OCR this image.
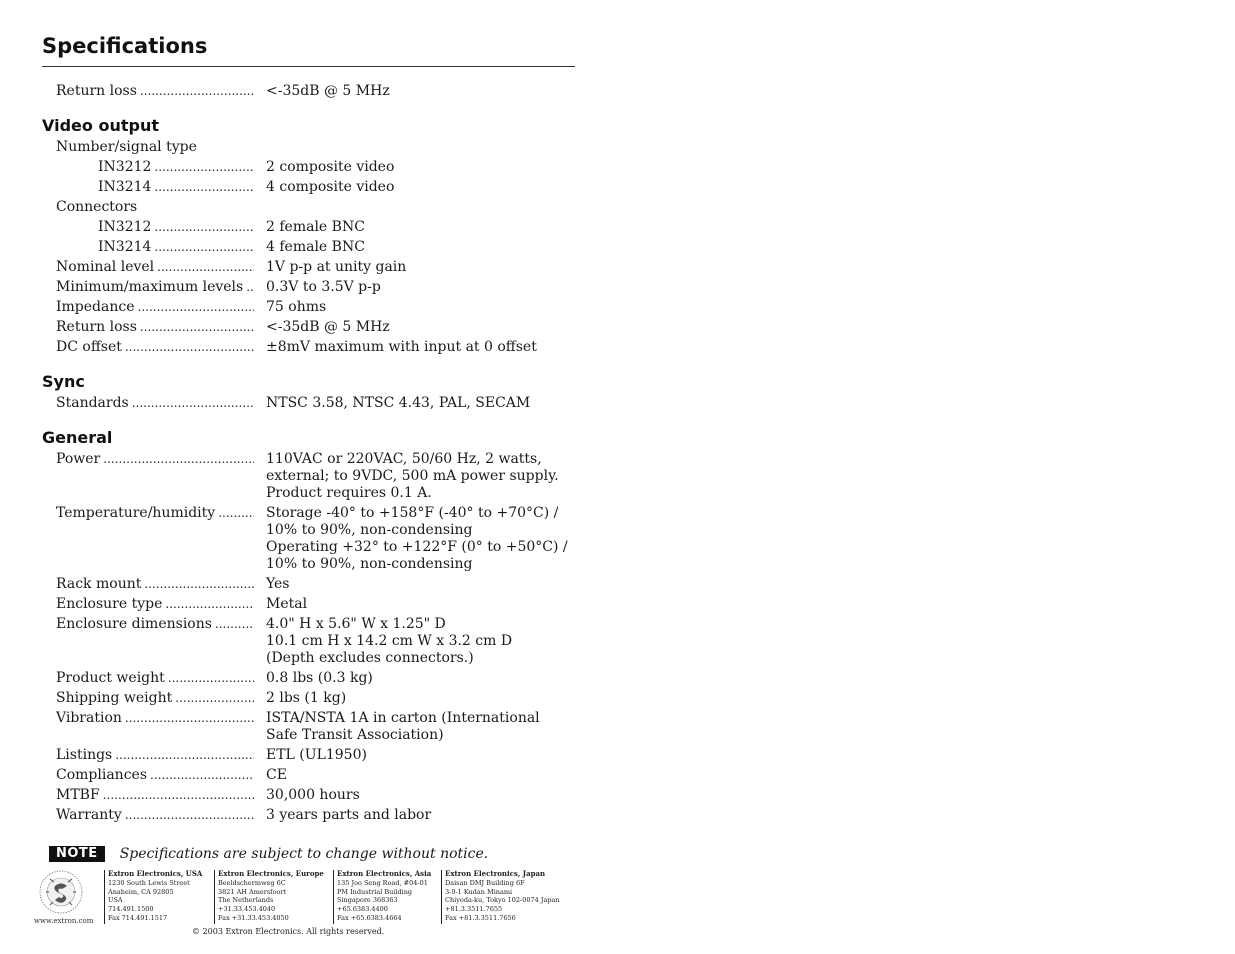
Specifications
Return loss .....	<-35dB @ 5 MHz
Video output
Number/signal type
IN3212 .....	2 composite video
IN3214 .....	4 composite video
Connectors
IN3212 .....	2 female BNC
IN3214 .....	4 female BNC
Nominal level .....	1V p-p at unity gain
Minimum/maximum levels ..... 0.3V to 3.5V p-p
Impedance .....	75 ohms
Return loss .....	<-35dB @ 5 MHz
DC offset .....	±8mV maximum with input at 0 offset
Sync
Standards .....	NTSC 3.58, NTSC 4.43, PAL, SECAM
General
Power .....	110VAC or 220VAC, 50/60 Hz, 2 watts,
external; to 9VDC, 500 mA power supply.
Product requires 0.1 A.
Temperature/humidity .....	Storage -40° to +158°F (-40° to +70°C) /
10% to 90%, non-condensing
Operating +32° to +122°F (0° to +50°C) /
10% to 90%, non-condensing
Rack mount .....	Yes
Enclosure type .....	Metal
Enclosure dimensions .....	4.0" H x 5.6" W x 1.25" D
10.1 cm H x 14.2 cm W x 3.2 cm D
(Depth excludes connectors.)
Product weight .....	0.8 lbs (0.3 kg)
Shipping weight .....	2 lbs (1 kg)
Vibration .....	ISTA/NSTA 1A in carton (International
Safe Transit Association)
Listings .....	ETL (UL1950)
Compliances .....	CE
MTBF .....	30,000 hours
Warranty .....	3 years parts and labor
NOTE	Specifications are subject to change without notice.
www.extron.com
Extron Electronics, USA
1230 South Lewis Street
Anaheim, CA 92805
USA
714.491.1500
Fax 714.491.1517
Extron Electronics, Europe
Beeldschermweg 6C
3821 AH Amersfoort
The Netherlands
+31.33.453.4040
Fax +31.33.453.4050
Extron Electronics, Asia
135 Joo Seng Road, #04-01
PM Industrial Building
Singapore 368363
+65.6383.4400
Fax +65.6383.4664
Extron Electronics, Japan
Daisan DMJ Building 6F
3-9-1 Kudan Minami
Chiyoda-ku, Tokyo 102-0074 Japan
+81.3.3511.7655
Fax +81.3.3511.7656
© 2003 Extron Electronics. All rights reserved.
